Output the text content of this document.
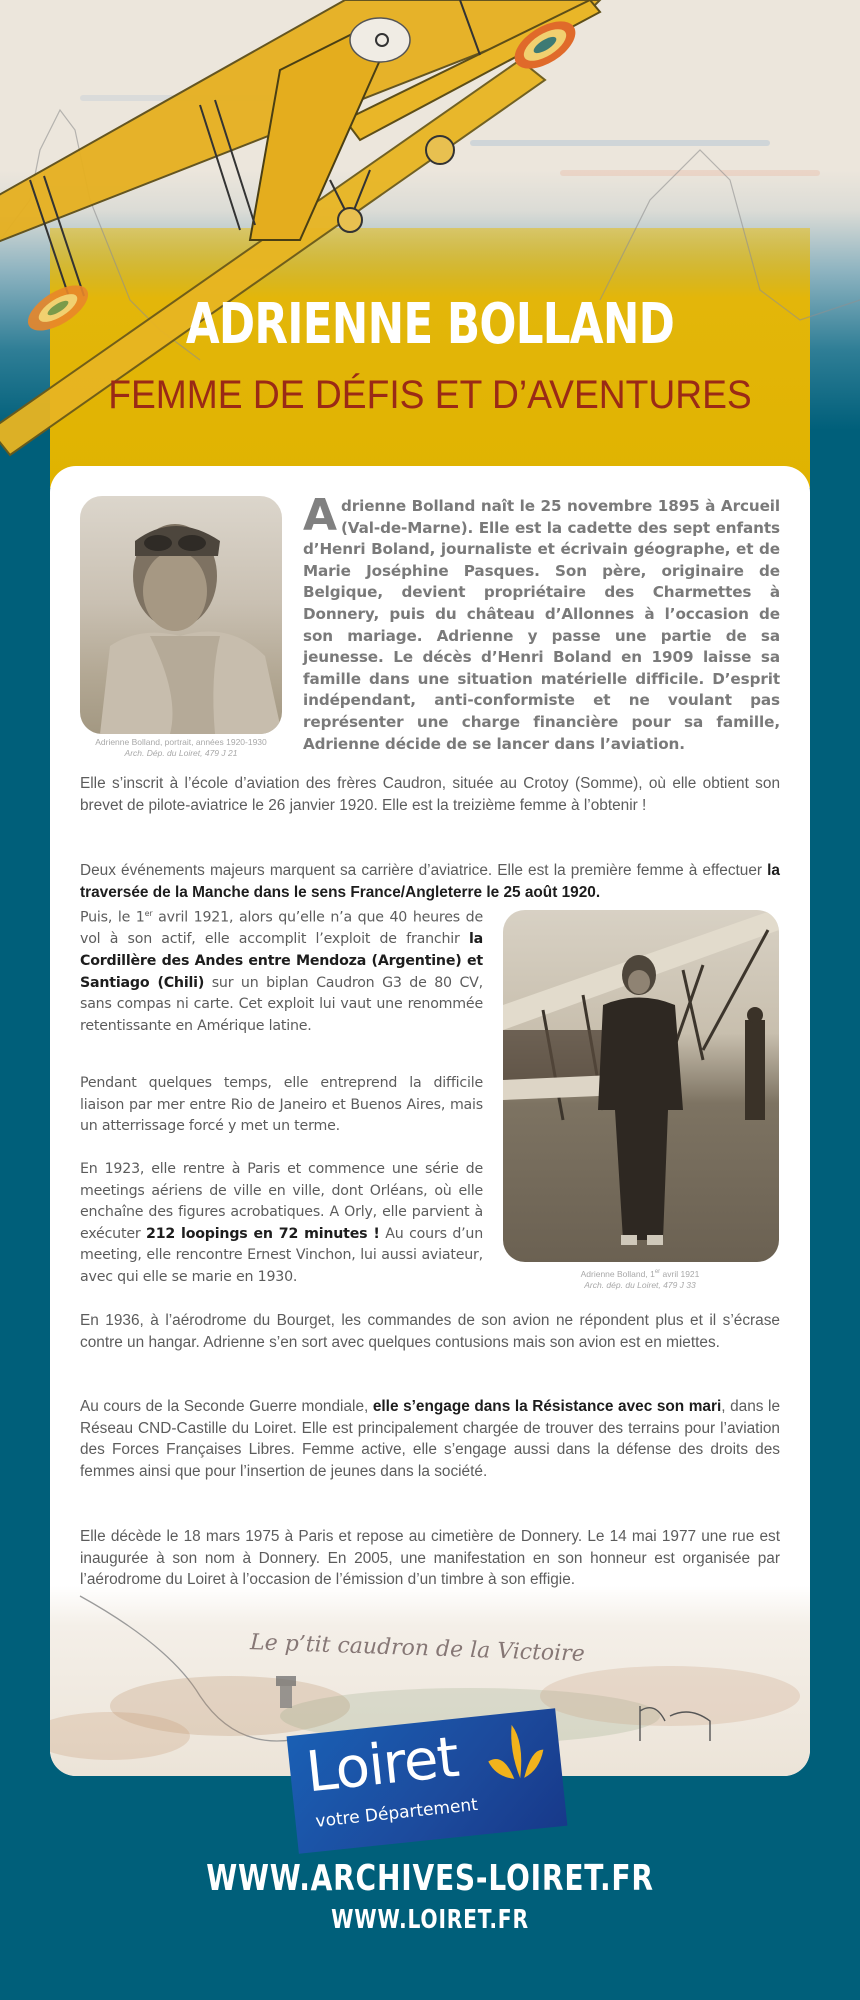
ADRIENNE BOLLAND
FEMME DE DÉFIS ET D’AVENTURES
Le p’tit caudron de la Victoire
Adrienne Bolland, portrait, années 1920-1930
Arch. Dép. du Loiret, 479 J 21
Adrienne Bolland naît le 25 novembre 1895 à Arcueil (Val-de-Marne). Elle est la cadette des sept enfants d’Henri Boland, journaliste et écrivain géographe, et de Marie Joséphine Pasques. Son père, originaire de Belgique, devient propriétaire des Charmettes à Donnery, puis du château d’Allonnes à l’occasion de son mariage. Adrienne y passe une partie de sa jeunesse. Le décès d’Henri Boland en 1909 laisse sa famille dans une situation matérielle difficile. D’esprit indépendant, anti-conformiste et ne voulant pas représenter une charge financière pour sa famille, Adrienne décide de se lancer dans l’aviation.
Elle s’inscrit à l’école d’aviation des frères Caudron, située au Crotoy (Somme), où elle obtient son brevet de pilote-aviatrice le 26 janvier 1920. Elle est la treizième femme à l’obtenir !
Deux événements majeurs marquent sa carrière d’aviatrice. Elle est la première femme à effectuer la traversée de la Manche dans le sens France/Angleterre le 25 août 1920.
Puis, le 1er avril 1921, alors qu’elle n’a que 40 heures de vol à son actif, elle accomplit l’exploit de franchir la Cordillère des Andes entre Mendoza (Argentine) et Santiago (Chili) sur un biplan Caudron G3 de 80 CV, sans compas ni carte. Cet exploit lui vaut une renommée retentissante en Amérique latine.
Pendant quelques temps, elle entreprend la difficile liaison par mer entre Rio de Janeiro et Buenos Aires, mais un atterrissage forcé y met un terme.
En 1923, elle rentre à Paris et commence une série de meetings aériens de ville en ville, dont Orléans, où elle enchaîne des figures acrobatiques. A Orly, elle parvient à exécuter 212 loopings en 72 minutes ! Au cours d’un meeting, elle rencontre Ernest Vinchon, lui aussi aviateur, avec qui elle se marie en 1930.	Adrienne Bolland, 1er avril 1921
Arch. dép. du Loiret, 479 J 33
En 1936, à l’aérodrome du Bourget, les commandes de son avion ne répondent plus et il s’écrase contre un hangar. Adrienne s’en sort avec quelques contusions mais son avion est en miettes.
Au cours de la Seconde Guerre mondiale, elle s’engage dans la Résistance avec son mari, dans le Réseau CND-Castille du Loiret. Elle est principalement chargée de trouver des terrains pour l’aviation des Forces Françaises Libres. Femme active, elle s’engage aussi dans la défense des droits des femmes ainsi que pour l’insertion de jeunes dans la société.
Elle décède le 18 mars 1975 à Paris et repose au cimetière de Donnery. Le 14 mai 1977 une rue est inaugurée à son nom à Donnery. En 2005, une manifestation en son honneur est organisée par l’aérodrome du Loiret à l’occasion de l’émission d’un timbre à son effigie.
Loiret
votre Département
WWW.ARCHIVES-LOIRET.FR
WWW.LOIRET.FR
